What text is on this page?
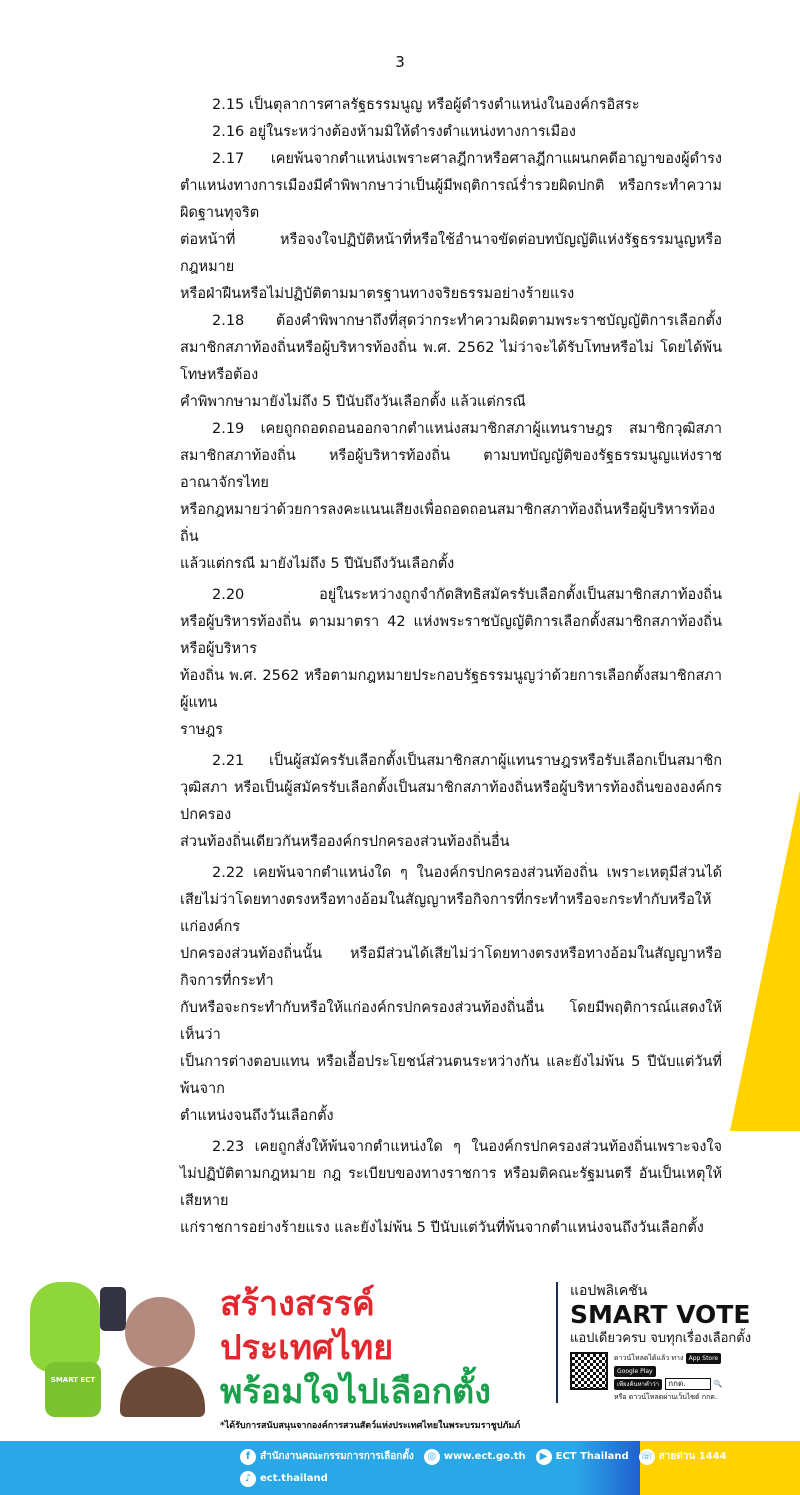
3
2.15 เป็นตุลาการศาลรัฐธรรมนูญ หรือผู้ดำรงตำแหน่งในองค์กรอิสระ
2.16 อยู่ในระหว่างต้องห้ามมิให้ดำรงตำแหน่งทางการเมือง
2.17 เคยพ้นจากตำแหน่งเพราะศาลฎีกาหรือศาลฎีกาแผนกคดีอาญาของผู้ดำรง
ตำแหน่งทางการเมืองมีคำพิพากษาว่าเป็นผู้มีพฤติการณ์ร่ำรวยผิดปกติ หรือกระทำความผิดฐานทุจริต
ต่อหน้าที่ หรือจงใจปฏิบัติหน้าที่หรือใช้อำนาจขัดต่อบทบัญญัติแห่งรัฐธรรมนูญหรือกฎหมาย
หรือฝ่าฝืนหรือไม่ปฏิบัติตามมาตรฐานทางจริยธรรมอย่างร้ายแรง
2.18 ต้องคำพิพากษาถึงที่สุดว่ากระทำความผิดตามพระราชบัญญัติการเลือกตั้ง
สมาชิกสภาท้องถิ่นหรือผู้บริหารท้องถิ่น พ.ศ. 2562 ไม่ว่าจะได้รับโทษหรือไม่ โดยได้พ้นโทษหรือต้อง
คำพิพากษามายังไม่ถึง 5 ปีนับถึงวันเลือกตั้ง แล้วแต่กรณี
2.19 เคยถูกถอดถอนออกจากตำแหน่งสมาชิกสภาผู้แทนราษฎร สมาชิกวุฒิสภา
สมาชิกสภาท้องถิ่น หรือผู้บริหารท้องถิ่น ตามบทบัญญัติของรัฐธรรมนูญแห่งราชอาณาจักรไทย
หรือกฎหมายว่าด้วยการลงคะแนนเสียงเพื่อถอดถอนสมาชิกสภาท้องถิ่นหรือผู้บริหารท้องถิ่น
แล้วแต่กรณี มายังไม่ถึง 5 ปีนับถึงวันเลือกตั้ง
2.20 อยู่ในระหว่างถูกจำกัดสิทธิสมัครรับเลือกตั้งเป็นสมาชิกสภาท้องถิ่น
หรือผู้บริหารท้องถิ่น ตามมาตรา 42 แห่งพระราชบัญญัติการเลือกตั้งสมาชิกสภาท้องถิ่นหรือผู้บริหาร
ท้องถิ่น พ.ศ. 2562 หรือตามกฎหมายประกอบรัฐธรรมนูญว่าด้วยการเลือกตั้งสมาชิกสภาผู้แทน
ราษฎร
2.21 เป็นผู้สมัครรับเลือกตั้งเป็นสมาชิกสภาผู้แทนราษฎรหรือรับเลือกเป็นสมาชิก
วุฒิสภา หรือเป็นผู้สมัครรับเลือกตั้งเป็นสมาชิกสภาท้องถิ่นหรือผู้บริหารท้องถิ่นขององค์กรปกครอง
ส่วนท้องถิ่นเดียวกันหรือองค์กรปกครองส่วนท้องถิ่นอื่น
2.22 เคยพ้นจากตำแหน่งใด ๆ ในองค์กรปกครองส่วนท้องถิ่น เพราะเหตุมีส่วนได้
เสียไม่ว่าโดยทางตรงหรือทางอ้อมในสัญญาหรือกิจการที่กระทำหรือจะกระทำกับหรือให้แก่องค์กร
ปกครองส่วนท้องถิ่นนั้น หรือมีส่วนได้เสียไม่ว่าโดยทางตรงหรือทางอ้อมในสัญญาหรือกิจการที่กระทำ
กับหรือจะกระทำกับหรือให้แก่องค์กรปกครองส่วนท้องถิ่นอื่น โดยมีพฤติการณ์แสดงให้เห็นว่า
เป็นการต่างตอบแทน หรือเอื้อประโยชน์ส่วนตนระหว่างกัน และยังไม่พ้น 5 ปีนับแต่วันที่พ้นจาก
ตำแหน่งจนถึงวันเลือกตั้ง
2.23 เคยถูกสั่งให้พ้นจากตำแหน่งใด ๆ ในองค์กรปกครองส่วนท้องถิ่นเพราะจงใจ
ไม่ปฏิบัติตามกฎหมาย กฎ ระเบียบของทางราชการ หรือมติคณะรัฐมนตรี อันเป็นเหตุให้เสียหาย
แก่ราชการอย่างร้ายแรง และยังไม่พ้น 5 ปีนับแต่วันที่พ้นจากตำแหน่งจนถึงวันเลือกตั้ง
SMART ECT
สร้างสรรค์ประเทศไทย
พร้อมใจไปเลือกตั้ง
*ได้รับการสนับสนุนจากองค์การสวนสัตว์แห่งประเทศไทยในพระบรมราชูปภัมภ์
แอปพลิเคชัน
SMART VOTE
แอปเดียวครบ จบทุกเรื่องเลือกตั้ง
ดาวน์โหลดได้แล้ว ทาง App StoreGoogle Play
เพียงค้นหาคำว่า กกต.	🔍
หรือ ดาวน์โหลดผ่านเว็บไซต์ กกต.
f สำนักงานคณะกรรมการการเลือกตั้ง	◎ www.ect.go.th	▶ ECT Thailand ☏ สายด่วน 1444
♪ ect.thailand
